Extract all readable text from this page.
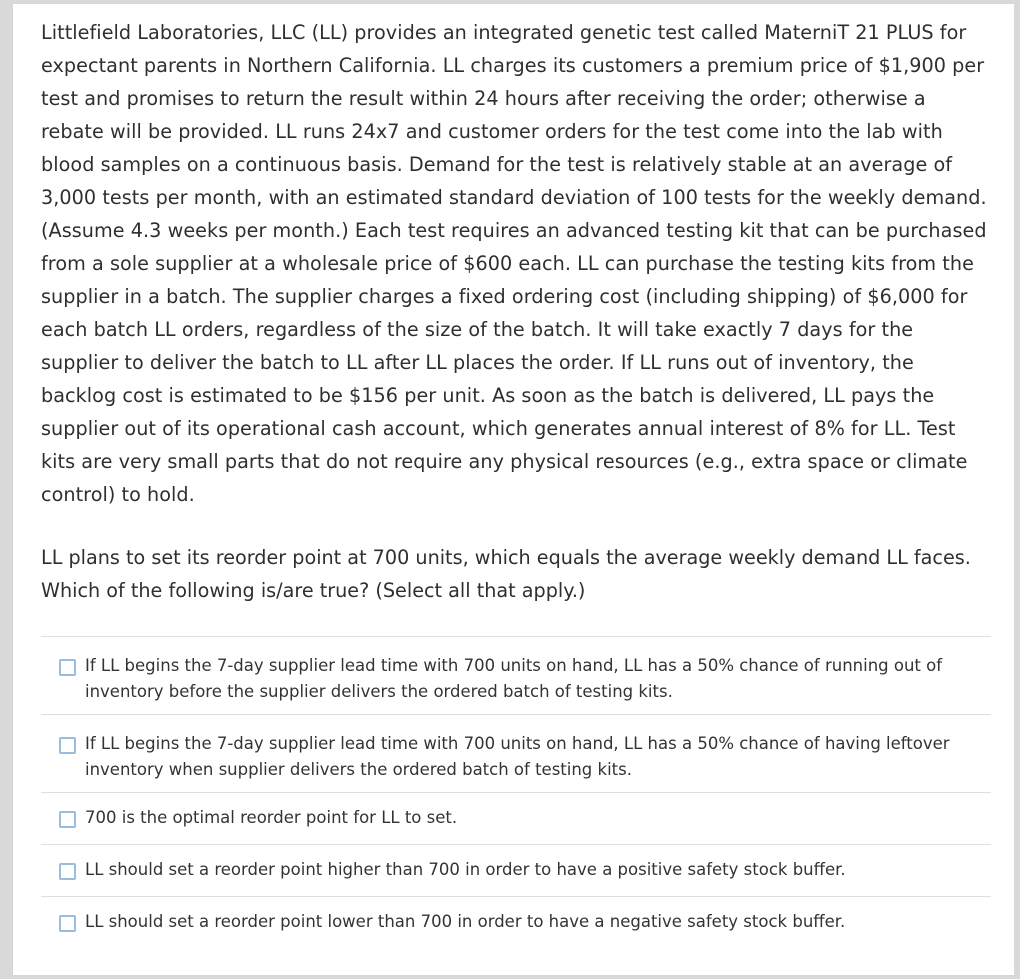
Littlefield Laboratories, LLC (LL) provides an integrated genetic test called MaterniT 21 PLUS for expectant parents in Northern California. LL charges its customers a premium price of $1,900 per test and promises to return the result within 24 hours after receiving the order; otherwise a rebate will be provided. LL runs 24x7 and customer orders for the test come into the lab with blood samples on a continuous basis. Demand for the test is relatively stable at an average of 3,000 tests per month, with an estimated standard deviation of 100 tests for the weekly demand. (Assume 4.3 weeks per month.) Each test requires an advanced testing kit that can be purchased from a sole supplier at a wholesale price of $600 each. LL can purchase the testing kits from the supplier in a batch. The supplier charges a fixed ordering cost (including shipping) of $6,000 for each batch LL orders, regardless of the size of the batch. It will take exactly 7 days for the supplier to deliver the batch to LL after LL places the order. If LL runs out of inventory, the backlog cost is estimated to be $156 per unit. As soon as the batch is delivered, LL pays the supplier out of its operational cash account, which generates annual interest of 8% for LL. Test kits are very small parts that do not require any physical resources (e.g., extra space or climate control) to hold.

LL plans to set its reorder point at 700 units, which equals the average weekly demand LL faces. Which of the following is/are true? (Select all that apply.)

If LL begins the 7-day supplier lead time with 700 units on hand, LL has a 50% chance of running out of inventory before the supplier delivers the ordered batch of testing kits.
If LL begins the 7-day supplier lead time with 700 units on hand, LL has a 50% chance of having leftover inventory when supplier delivers the ordered batch of testing kits.
700 is the optimal reorder point for LL to set.
LL should set a reorder point higher than 700 in order to have a positive safety stock buffer.
LL should set a reorder point lower than 700 in order to have a negative safety stock buffer.
